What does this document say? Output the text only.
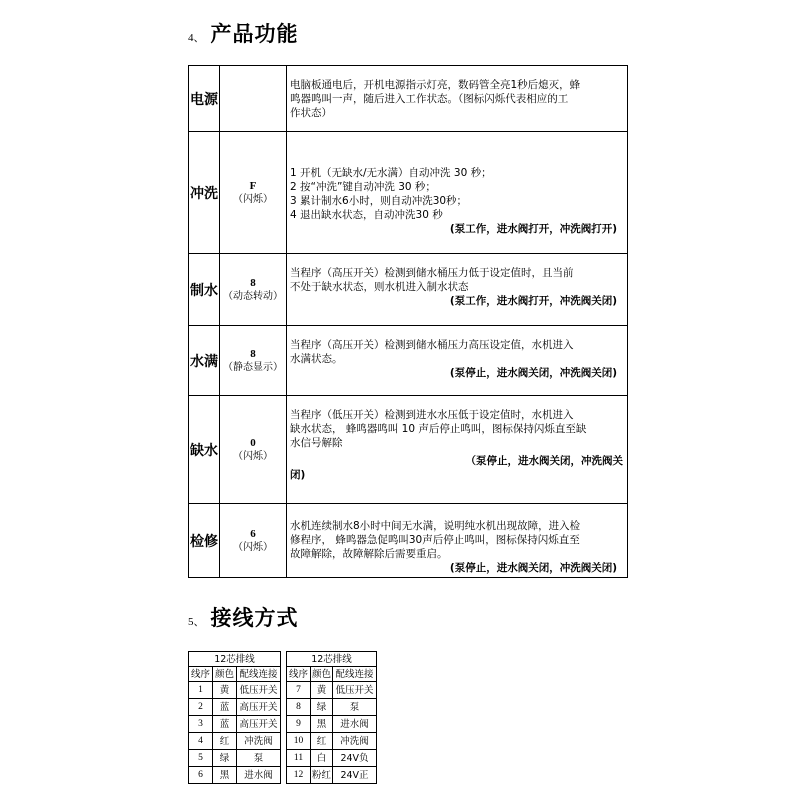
4、 产品功能
电源		电脑板通电后，开机电源指示灯亮，数码管全亮1秒后熄灭，蜂
鸣器鸣叫一声，随后进入工作状态。（图标闪烁代表相应的工
作状态）

冲洗	F
（闪烁）	1 开机（无缺水/无水满）自动冲洗 30 秒；
2 按“冲洗”键自动冲洗 30 秒；
3 累计制水6小时，则自动冲洗30秒；
4 退出缺水状态，自动冲洗30 秒
(泵工作，进水阀打开，冲洗阀打开)

制水	8
（动态转动）	当程序（高压开关）检测到储水桶压力低于设定值时，且当前
不处于缺水状态，则水机进入制水状态
(泵工作，进水阀打开，冲洗阀关闭)

水满	8
（静态显示）	当程序（高压开关）检测到储水桶压力高压设定值，水机进入
水满状态。
(泵停止，进水阀关闭，冲洗阀关闭)

缺水	0
（闪烁）	当程序（低压开关）检测到进水水压低于设定值时，水机进入
缺水状态， 蜂鸣器鸣叫 10 声后停止鸣叫，图标保持闪烁直至缺
水信号解除
（泵停止，进水阀关闭，冲洗阀关
闭)

检修	6
（闪烁）	水机连续制水8小时中间无水满，说明纯水机出现故障，进入检
修程序， 蜂鸣器急促鸣叫30声后停止鸣叫，图标保持闪烁直至
故障解除，故障解除后需要重启。
(泵停止，进水阀关闭，冲洗阀关闭)
5、 接线方式
12芯排线		
线序	颜色	配线连接
1	黄	低压开关
2	蓝	高压开关
3	蓝	高压开关
4	红	冲洗阀
5	绿	泵
6	黑	进水阀
12芯排线		
线序	颜色	配线连接
7	黄	低压开关
8	绿	泵
9	黑	进水阀
10	红	冲洗阀
11	白	24V负
12	粉红	24V正
